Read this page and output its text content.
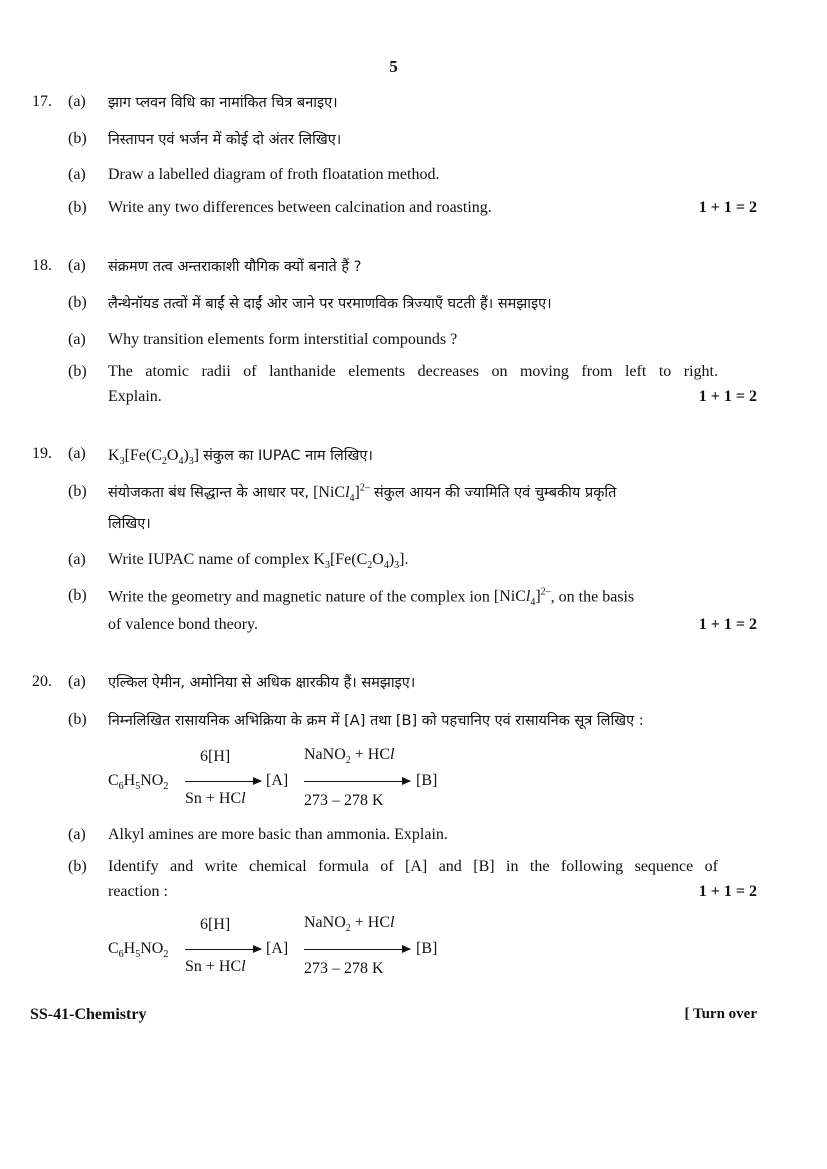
5
17. (a) झाग प्लवन विधि का नामांकित चित्र बनाइए।
(b) निस्तापन एवं भर्जन में कोई दो अंतर लिखिए।
(a) Draw a labelled diagram of froth floatation method.
(b) Write any two differences between calcination and roasting.	1 + 1 = 2
18. (a) संक्रमण तत्व अन्तराकाशी यौगिक क्यों बनाते हैं ?
(b) लैन्थेनॉयड तत्वों में बाईं से दाईं ओर जाने पर परमाणविक त्रिज्याएँ घटती हैं। समझाइए।
(a) Why transition elements form interstitial compounds ?
(b) The atomic radii of lanthanide elements decreases on moving from left to right.
Explain.	1 + 1 = 2
19. (a) $K_3[Fe(C_2O_4)_3]$ संकुल का IUPAC नाम लिखिए।
(b) संयोजकता बंध सिद्धान्त के आधार पर, [NiCl$_4$]$^{2-}$ संकुल आयन की ज्यामिति एवं चुम्बकीय प्रकृति
लिखिए।
(a) Write IUPAC name of complex $K_3[Fe(C_2O_4)_3]$.
(b) Write the geometry and magnetic nature of the complex ion [NiCl$_4$]$^{2-}$, on the basis
of valence bond theory.	1 + 1 = 2
20. (a) एल्किल ऐमीन, अमोनिया से अधिक क्षारकीय हैं। समझाइए।
(b) निम्नलिखित रासायनिक अभिक्रिया के क्रम में [A] तथा [B] को पहचानिए एवं रासायनिक सूत्र लिखिए :
$C_6H_5NO_2$
6[H]
Sn + HCl
[A]
NaNO$_2$ + HCl
273 – 278 K
[B]
(a) Alkyl amines are more basic than ammonia. Explain.
(b) Identify and write chemical formula of [A] and [B] in the following sequence of
reaction :	1 + 1 = 2
$C_6H_5NO_2$
6[H]
Sn + HCl
[A]
NaNO$_2$ + HCl
273 – 278 K
[B]
SS-41-Chemistry	[ Turn over
